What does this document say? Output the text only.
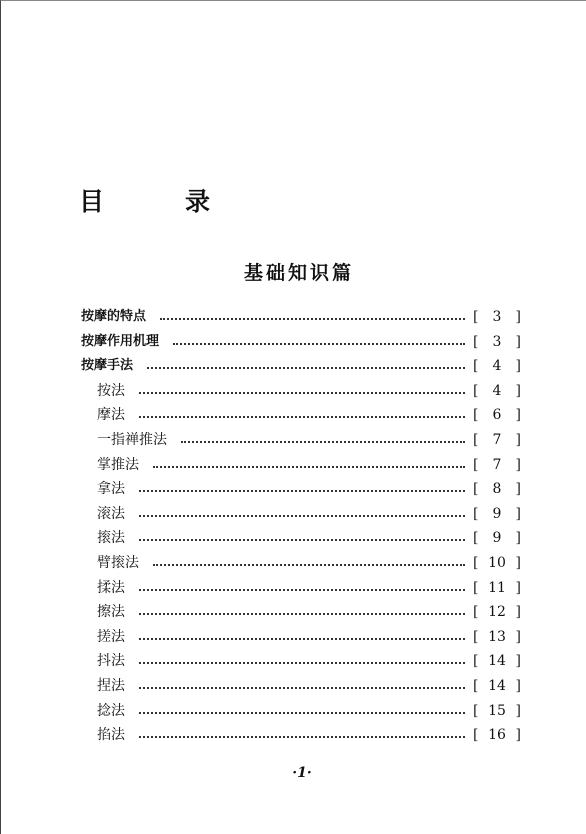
目　录
基础知识篇
按摩的特点	[	3	]
按摩作用机理	[	3	]
按摩手法	[	4	]
按法	[	4	]
摩法	[	6	]
一指禅推法	[	7	]
掌推法	[	7	]
拿法	[	8	]
滚法	[	9	]
㨰法	[	9	]
臂㨰法	[ 10 ]
揉法	[ 11 ]
擦法	[ 12 ]
搓法	[ 13 ]
抖法	[ 14 ]
捏法	[ 14 ]
捻法	[ 15 ]
掐法	[ 16 ]

·1·
